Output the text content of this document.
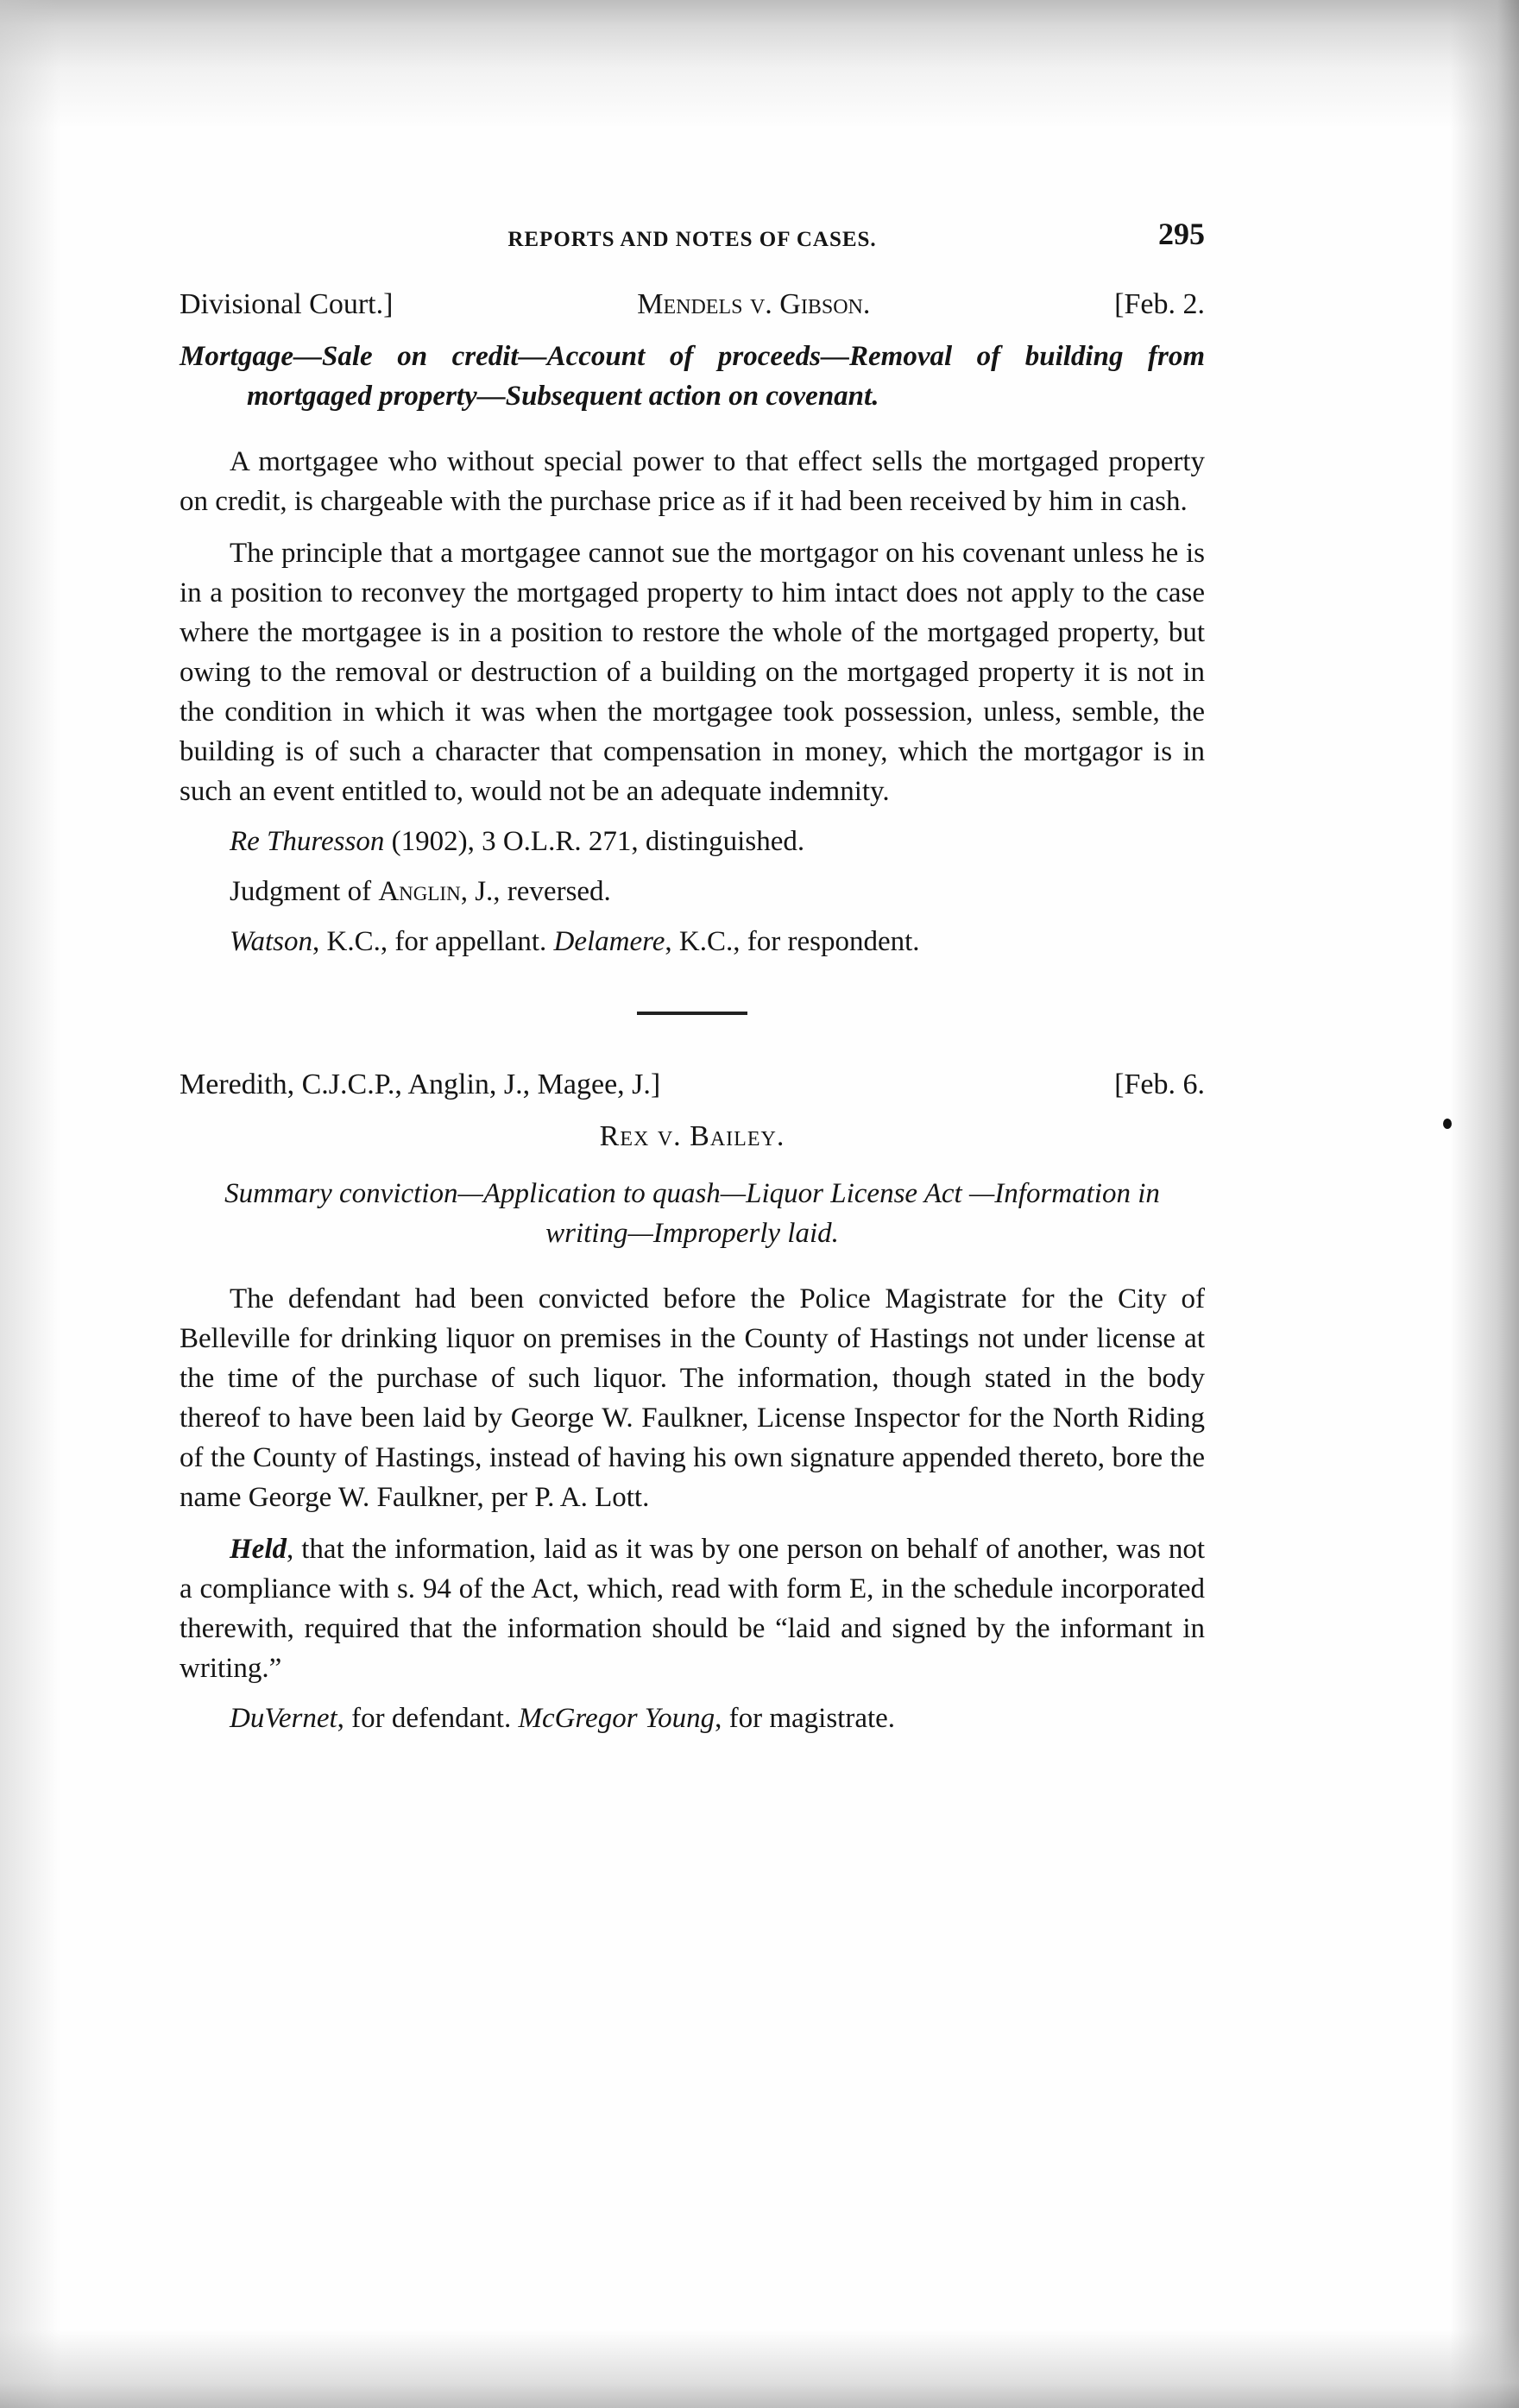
REPORTS AND NOTES OF CASES.	295
Divisional Court.]	Mendels v. Gibson.	[Feb. 2.
Mortgage—Sale on credit—Account of proceeds—Removal of building from mortgaged property—Subsequent action on covenant.

A mortgagee who without special power to that effect sells the mortgaged property on credit, is chargeable with the purchase price as if it had been received by him in cash.

The principle that a mortgagee cannot sue the mortgagor on his covenant unless he is in a position to reconvey the mortgaged property to him intact does not apply to the case where the mortgagee is in a position to restore the whole of the mortgaged property, but owing to the removal or destruction of a building on the mortgaged property it is not in the condition in which it was when the mortgagee took possession, unless, semble, the building is of such a character that compensation in money, which the mortgagor is in such an event entitled to, would not be an adequate indemnity.

Re Thuresson (1902), 3 O.L.R. 271, distinguished.
Judgment of Anglin, J., reversed.
Watson, K.C., for appellant. Delamere, K.C., for respondent.
Meredith, C.J.C.P., Anglin, J., Magee, J.]	[Feb. 6.
Rex v. Bailey.
Summary conviction—Application to quash—Liquor License Act —Information in writing—Improperly laid.

The defendant had been convicted before the Police Magistrate for the City of Belleville for drinking liquor on premises in the County of Hastings not under license at the time of the purchase of such liquor. The information, though stated in the body thereof to have been laid by George W. Faulkner, License Inspector for the North Riding of the County of Hastings, instead of having his own signature appended thereto, bore the name George W. Faulkner, per P. A. Lott.

Held, that the information, laid as it was by one person on behalf of another, was not a compliance with s. 94 of the Act, which, read with form E, in the schedule incorporated therewith, required that the information should be “laid and signed by the informant in writing.”

DuVernet, for defendant. McGregor Young, for magistrate.
